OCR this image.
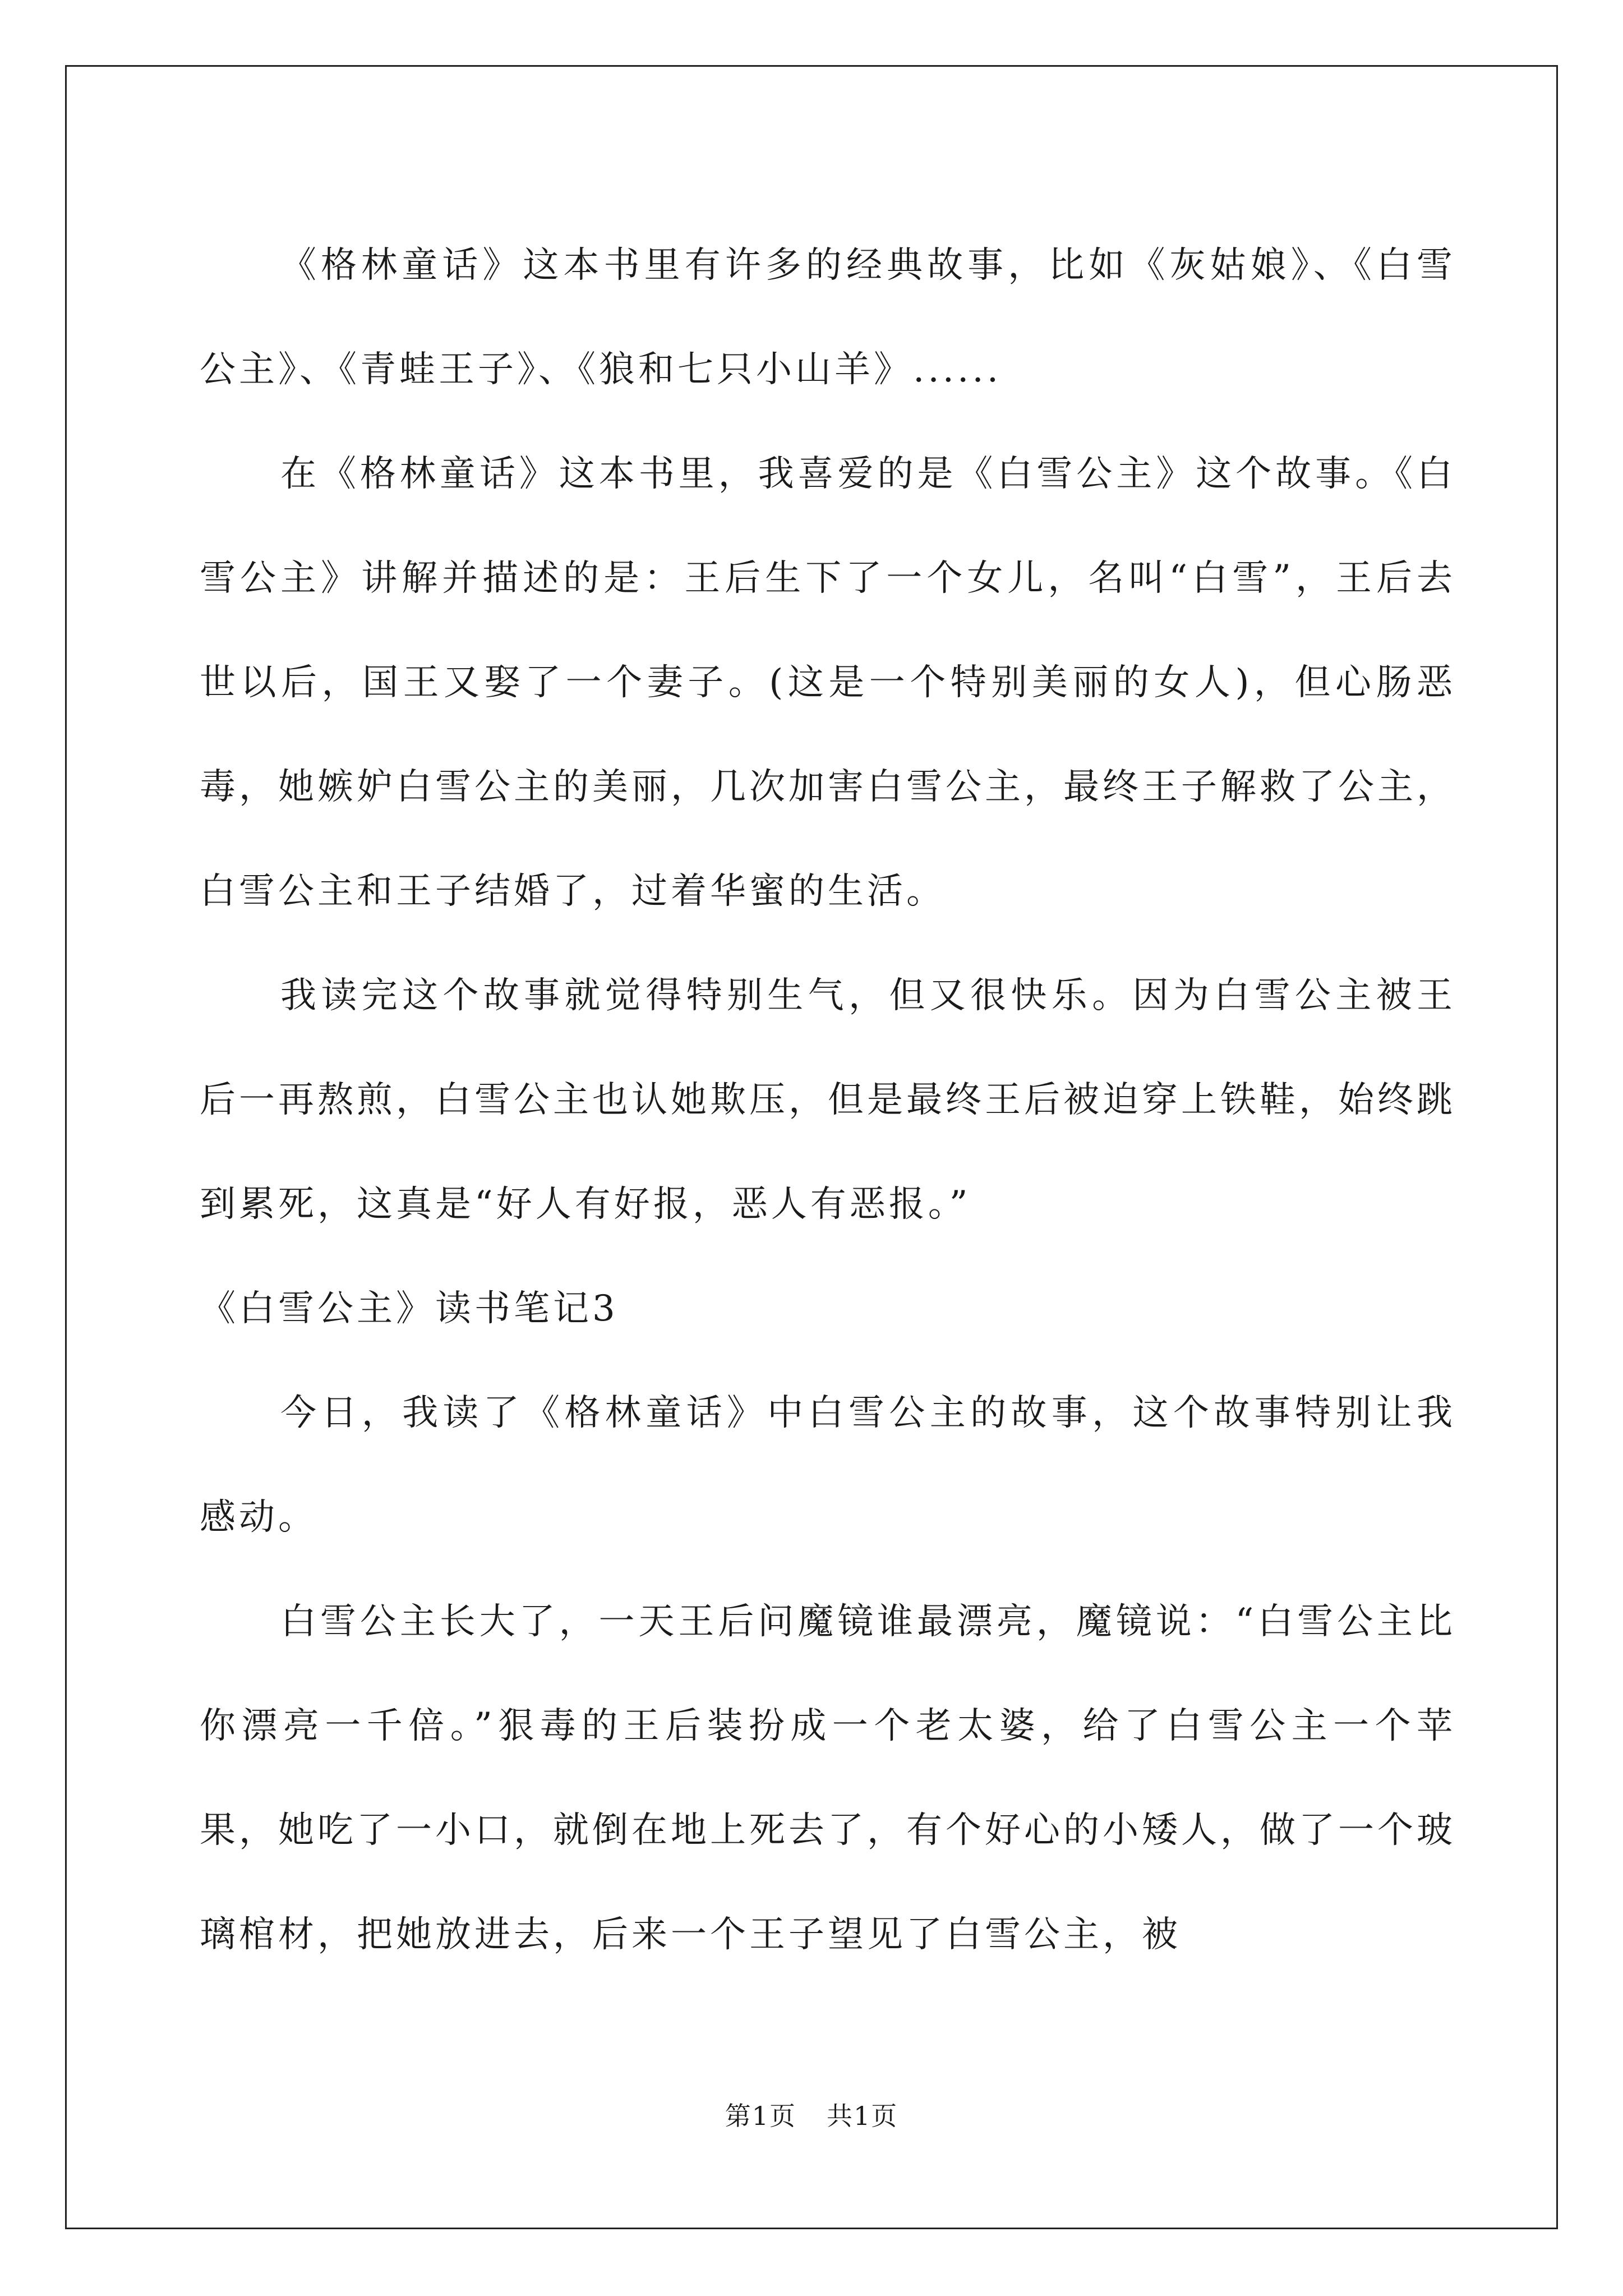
《格林童话》这本书里有许多的经典故事，比如《灰姑娘》、《白雪公主》、《青蛙王子》、《狼和七只小山羊》......

在《格林童话》这本书里，我喜爱的是《白雪公主》这个故事。《白雪公主》讲解并描述的是：王后生下了一个女儿，名叫“白雪”，王后去世以后，国王又娶了一个妻子。(这是一个特别美丽的女人)，但心肠恶毒，她嫉妒白雪公主的美丽，几次加害白雪公主，最终王子解救了公主，白雪公主和王子结婚了，过着华蜜的生活。

我读完这个故事就觉得特别生气，但又很快乐。因为白雪公主被王后一再熬煎，白雪公主也认她欺压，但是最终王后被迫穿上铁鞋，始终跳到累死，这真是“好人有好报，恶人有恶报。”

《白雪公主》读书笔记3

今日，我读了《格林童话》中白雪公主的故事，这个故事特别让我感动。

白雪公主长大了，一天王后问魔镜谁最漂亮，魔镜说：“白雪公主比你漂亮一千倍。”狠毒的王后装扮成一个老太婆，给了白雪公主一个苹果，她吃了一小口，就倒在地上死去了，有个好心的小矮人，做了一个玻璃棺材，把她放进去，后来一个王子望见了白雪公主，被

第1页 共1页
